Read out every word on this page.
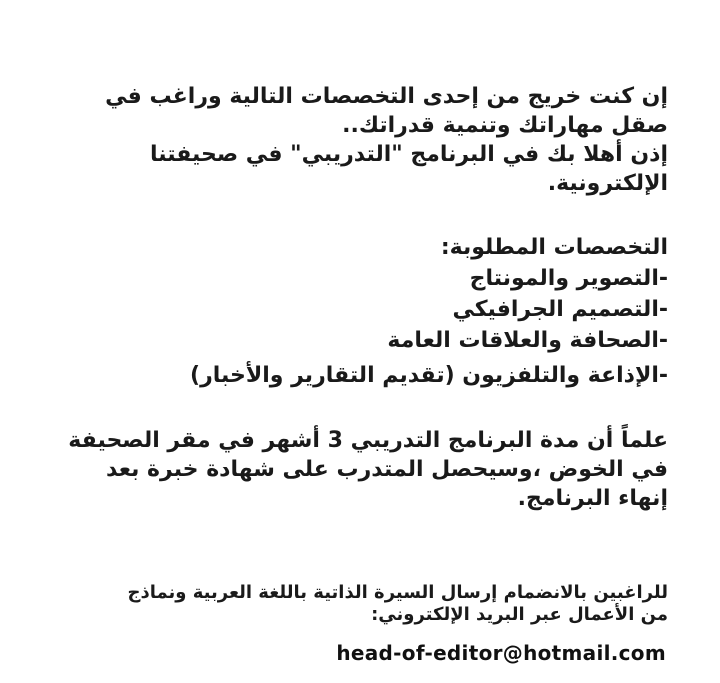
إن كنت خريج من إحدى التخصصات التالية وراغب في

صقل مهاراتك وتنمية قدراتك..

إذن أهلا بك في البرنامج "التدريبي" في صحيفتنا

الإلكترونية.

التخصصات المطلوبة:

-التصوير والمونتاج

-التصميم الجرافيكي

-الصحافة والعلاقات العامة

-الإذاعة والتلفزيون (تقديم التقارير والأخبار)

علماً أن مدة البرنامج التدريبي 3 أشهر في مقر الصحيفة

في الخوض ،وسيحصل المتدرب على شهادة خبرة بعد

إنهاء البرنامج.

للراغبين بالانضمام إرسال السيرة الذاتية باللغة العربية ونماذج

من الأعمال عبر البريد الإلكتروني:

head-of-editor@hotmail.com
